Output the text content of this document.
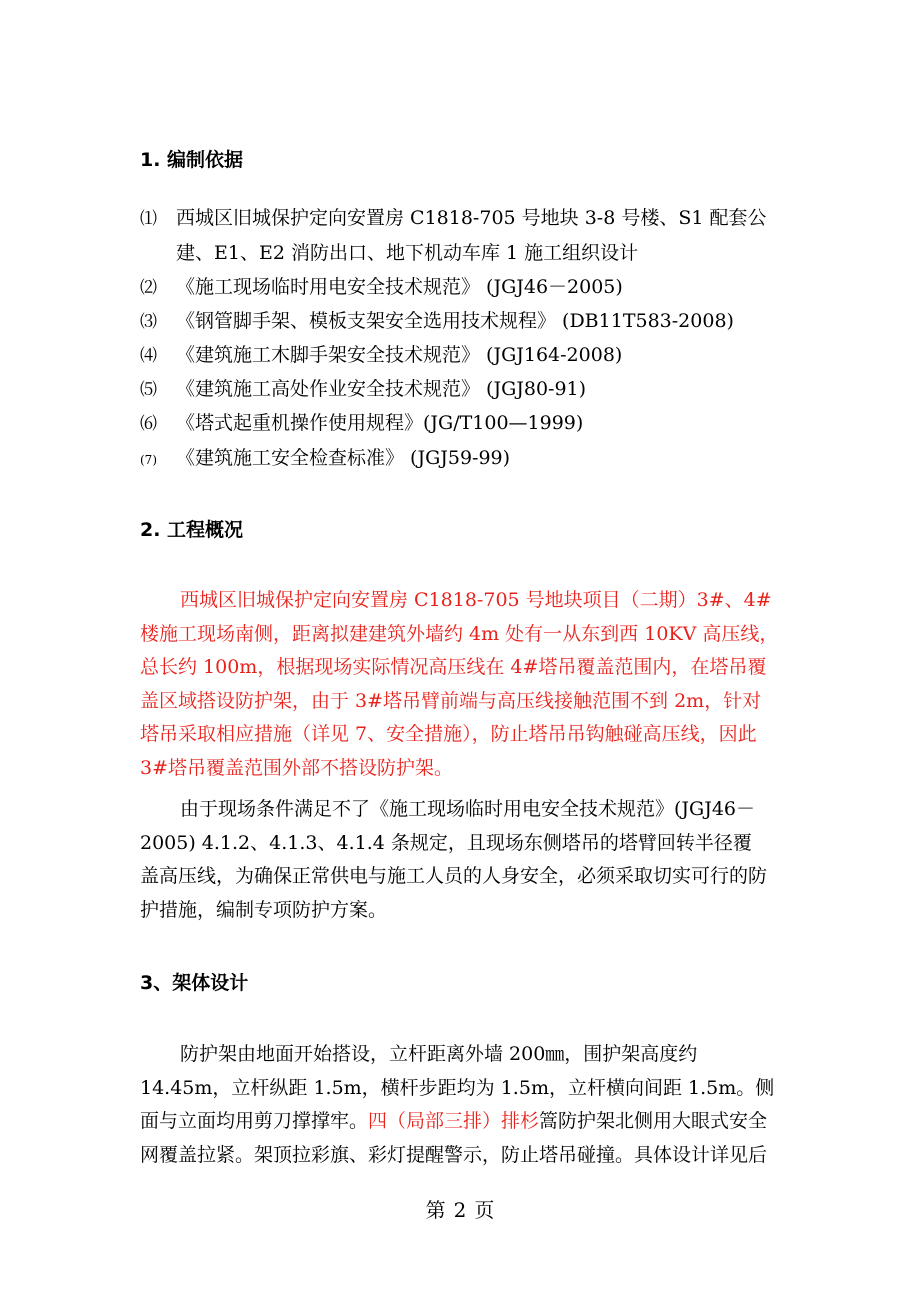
1. 编制依据
⑴ 西城区旧城保护定向安置房 C1818-705 号地块 3-8 号楼、S1 配套公
建、E1、E2 消防出口、地下机动车库 1 施工组织设计
⑵ 《施工现场临时用电安全技术规范》 (JGJ46－2005)
⑶ 《钢管脚手架、模板支架安全选用技术规程》 (DB11T583-2008)
⑷ 《建筑施工木脚手架安全技术规范》 (JGJ164-2008)
⑸ 《建筑施工高处作业安全技术规范》 (JGJ80-91)
⑹ 《塔式起重机操作使用规程》(JG/T100—1999)
(7) 《建筑施工安全检查标准》 (JGJ59-99)
2. 工程概况
西城区旧城保护定向安置房 C1818-705 号地块项目（二期）3#、4#
楼施工现场南侧，距离拟建建筑外墙约 4m 处有一从东到西 10KV 高压线，
总长约 100m，根据现场实际情况高压线在 4#塔吊覆盖范围内，在塔吊覆
盖区域搭设防护架，由于 3#塔吊臂前端与高压线接触范围不到 2m，针对
塔吊采取相应措施（详见 7、安全措施），防止塔吊吊钩触碰高压线，因此
3#塔吊覆盖范围外部不搭设防护架。
由于现场条件满足不了《施工现场临时用电安全技术规范》(JGJ46－
2005) 4.1.2、4.1.3、4.1.4 条规定，且现场东侧塔吊的塔臂回转半径覆
盖高压线，为确保正常供电与施工人员的人身安全，必须采取切实可行的防
护措施，编制专项防护方案。
3、架体设计
防护架由地面开始搭设，立杆距离外墙 200㎜，围护架高度约
14.45m，立杆纵距 1.5m，横杆步距均为 1.5m，立杆横向间距 1.5m。侧
面与立面均用剪刀撑撑牢。四（局部三排）排杉篙防护架北侧用大眼式安全
网覆盖拉紧。架顶拉彩旗、彩灯提醒警示，防止塔吊碰撞。具体设计详见后
第 2 页
